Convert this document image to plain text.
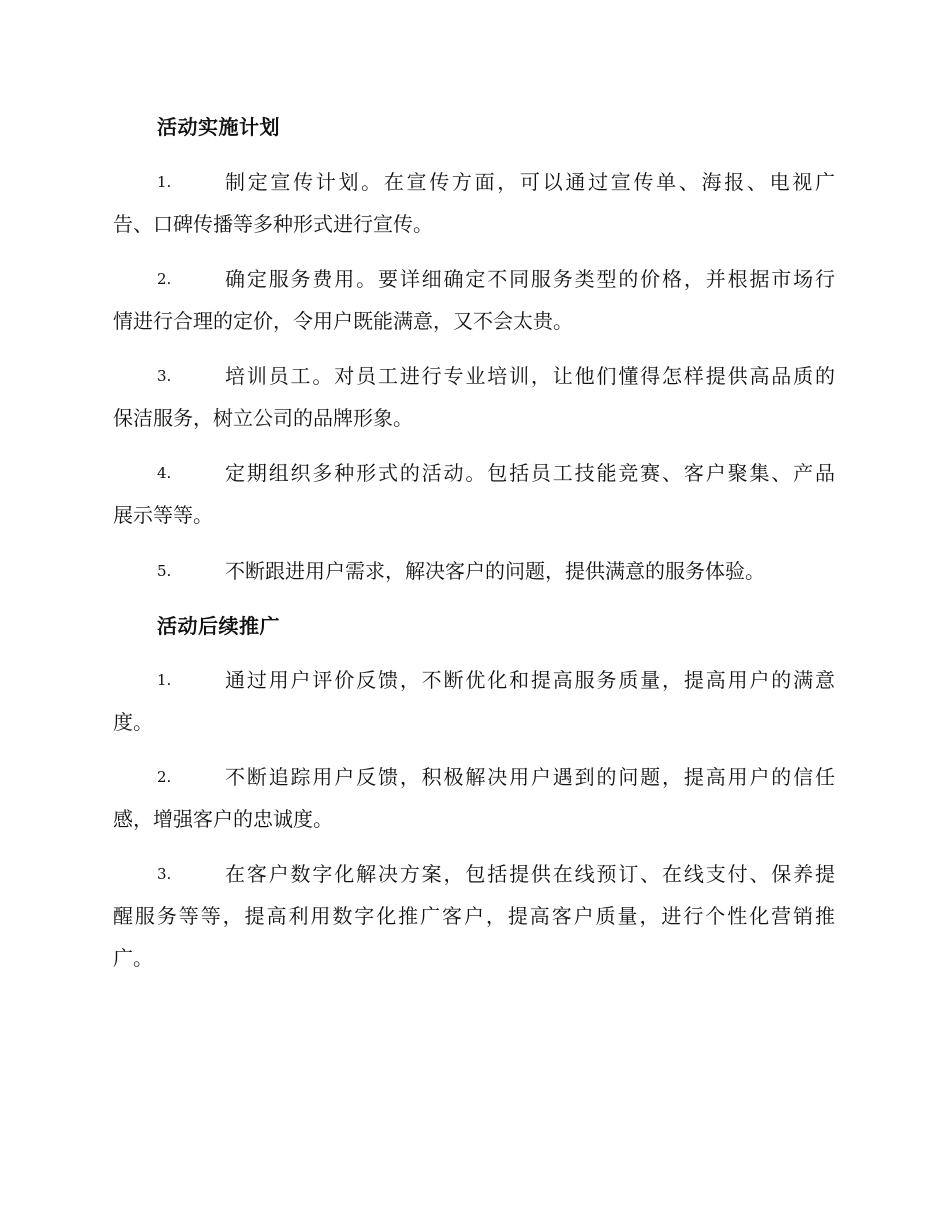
活动实施计划
1.	制定宣传计划。在宣传方面，可以通过宣传单、海报、电视广
告、口碑传播等多种形式进行宣传。
2.	确定服务费用。要详细确定不同服务类型的价格，并根据市场行
情进行合理的定价，令用户既能满意，又不会太贵。
3.	培训员工。对员工进行专业培训，让他们懂得怎样提供高品质的
保洁服务，树立公司的品牌形象。
4.	定期组织多种形式的活动。包括员工技能竞赛、客户聚集、产品
展示等等。
5.	不断跟进用户需求，解决客户的问题，提供满意的服务体验。
活动后续推广
1.	通过用户评价反馈，不断优化和提高服务质量，提高用户的满意
度。
2.	不断追踪用户反馈，积极解决用户遇到的问题，提高用户的信任
感，增强客户的忠诚度。
3.	在客户数字化解决方案，包括提供在线预订、在线支付、保养提
醒服务等等，提高利用数字化推广客户，提高客户质量，进行个性化营销推
广。
